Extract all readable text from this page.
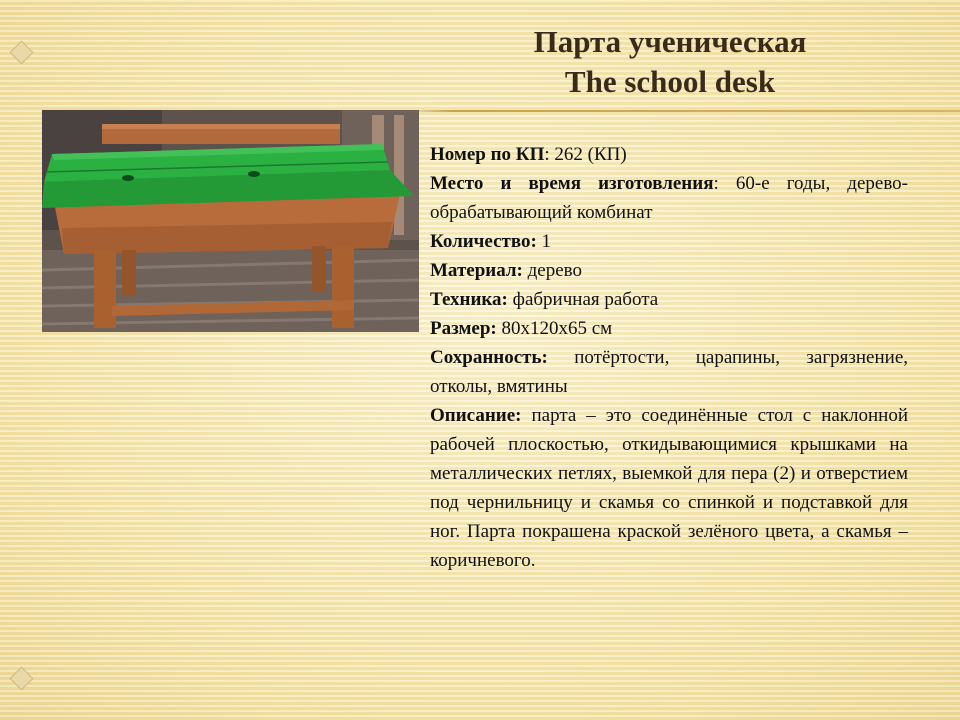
Парта ученическая
The school desk

Номер по КП: 262 (КП)

Место и время изготовления: 60-е годы, дерево-обрабатывающий комбинат

Количество: 1

Материал: дерево

Техника: фабричная работа

Размер: 80х120х65 см

Сохранность: потёртости, царапины, загрязнение, отколы, вмятины

Описание: парта – это соединённые стол с наклонной рабочей плоскостью, откидывающимися крышками на металлических петлях, выемкой для пера (2) и отверстием под чернильницу и скамья со спинкой и подставкой для ног. Парта покрашена краской зелёного цвета, а скамья – коричневого.
